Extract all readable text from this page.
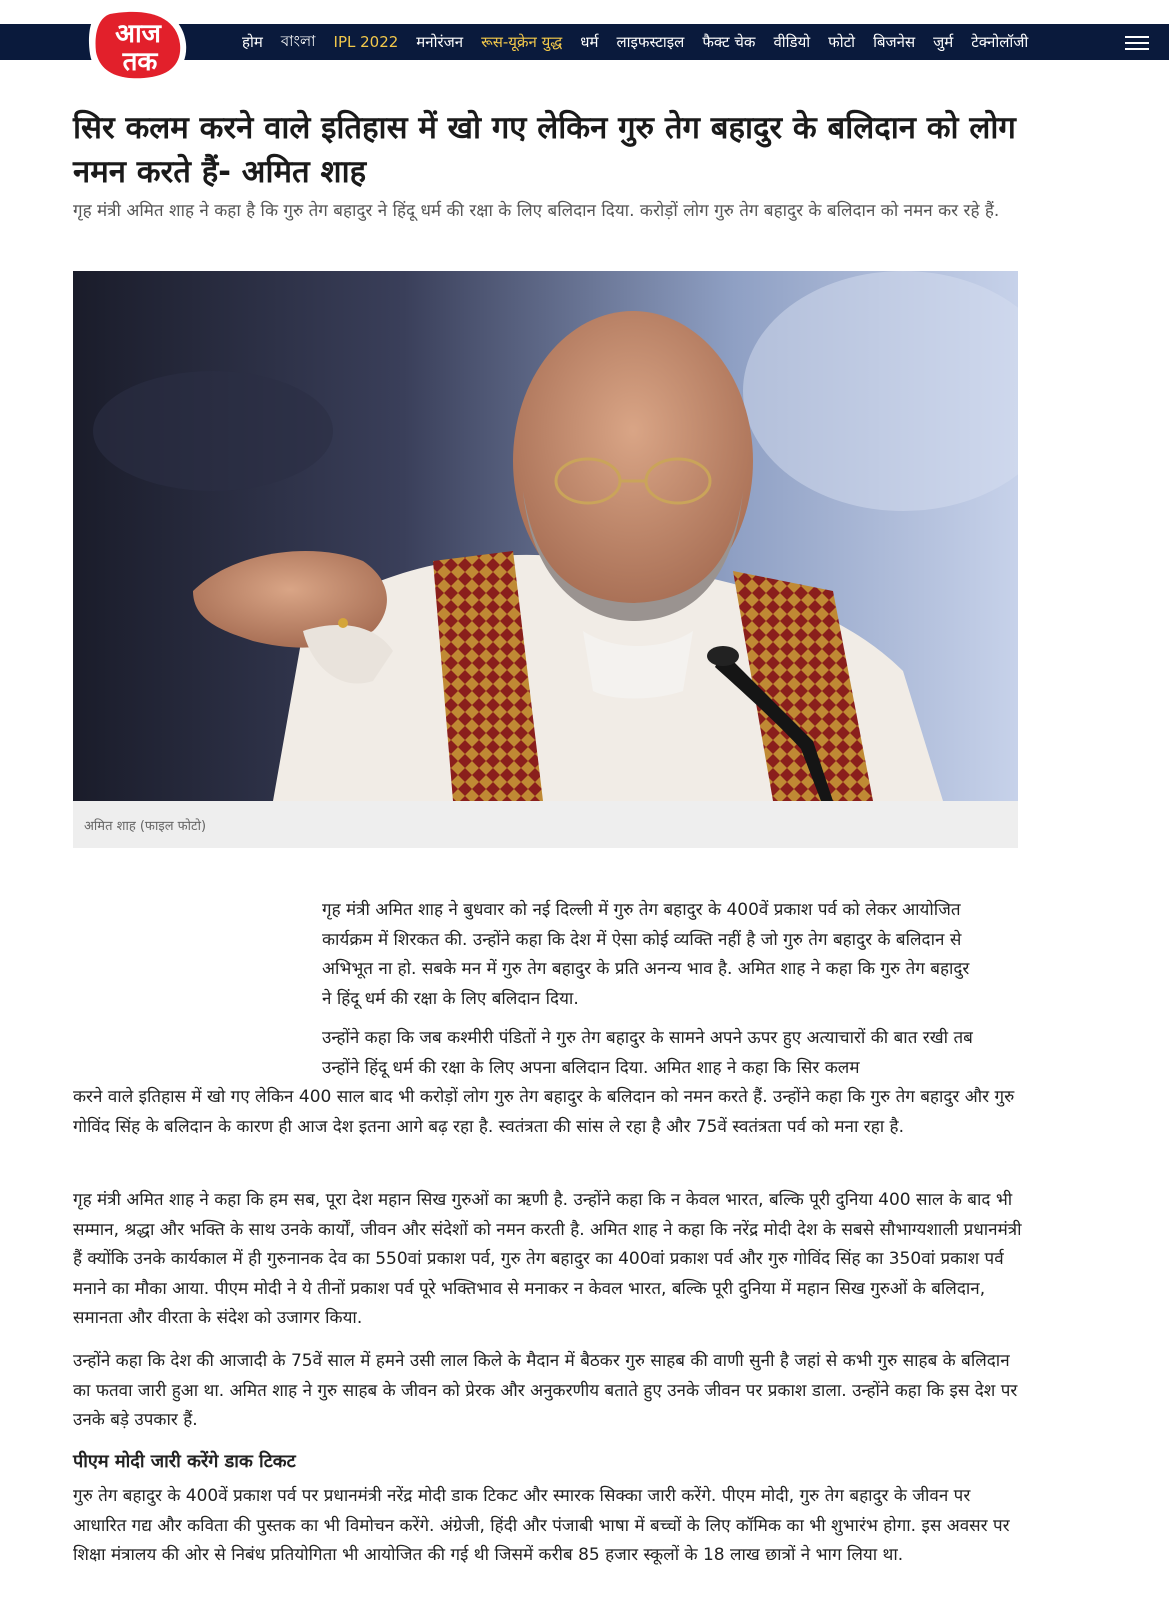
होम বাংলা IPL 2022 मनोरंजन रूस-यूक्रेन युद्ध धर्म लाइफस्टाइल फैक्ट चेक वीडियो फोटो बिजनेस जुर्म टेक्नोलॉजी
आज
तक
सिर कलम करने वाले इतिहास में खो गए लेकिन गुरु तेग बहादुर के बलिदान को लोग नमन करते हैं- अमित शाह

गृह मंत्री अमित शाह ने कहा है कि गुरु तेग बहादुर ने हिंदू धर्म की रक्षा के लिए बलिदान दिया. करोड़ों लोग गुरु तेग बहादुर के बलिदान को नमन कर रहे हैं.

अमित शाह (फाइल फोटो)

गृह मंत्री अमित शाह ने बुधवार को नई दिल्ली में गुरु तेग बहादुर के 400वें प्रकाश पर्व को लेकर आयोजित कार्यक्रम में शिरकत की. उन्होंने कहा कि देश में ऐसा कोई व्यक्ति नहीं है जो गुरु तेग बहादुर के बलिदान से अभिभूत ना हो. सबके मन में गुरु तेग बहादुर के प्रति अनन्य भाव है. अमित शाह ने कहा कि गुरु तेग बहादुर ने हिंदू धर्म की रक्षा के लिए बलिदान दिया.

उन्होंने कहा कि जब कश्मीरी पंडितों ने गुरु तेग बहादुर के सामने अपने ऊपर हुए अत्याचारों की बात रखी तब उन्होंने हिंदू धर्म की रक्षा के लिए अपना बलिदान दिया. अमित शाह ने कहा कि सिर कलम

करने वाले इतिहास में खो गए लेकिन 400 साल बाद भी करोड़ों लोग गुरु तेग बहादुर के बलिदान को नमन करते हैं. उन्होंने कहा कि गुरु तेग बहादुर और गुरु गोविंद सिंह के बलिदान के कारण ही आज देश इतना आगे बढ़ रहा है. स्वतंत्रता की सांस ले रहा है और 75वें स्वतंत्रता पर्व को मना रहा है.

गृह मंत्री अमित शाह ने कहा कि हम सब, पूरा देश महान सिख गुरुओं का ऋणी है. उन्होंने कहा कि न केवल भारत, बल्कि पूरी दुनिया 400 साल के बाद भी सम्मान, श्रद्धा और भक्ति के साथ उनके कार्यों, जीवन और संदेशों को नमन करती है. अमित शाह ने कहा कि नरेंद्र मोदी देश के सबसे सौभाग्यशाली प्रधानमंत्री हैं क्योंकि उनके कार्यकाल में ही गुरुनानक देव का 550वां प्रकाश पर्व, गुरु तेग बहादुर का 400वां प्रकाश पर्व और गुरु गोविंद सिंह का 350वां प्रकाश पर्व मनाने का मौका आया. पीएम मोदी ने ये तीनों प्रकाश पर्व पूरे भक्तिभाव से मनाकर न केवल भारत, बल्कि पूरी दुनिया में महान सिख गुरुओं के बलिदान, समानता और वीरता के संदेश को उजागर किया.

उन्होंने कहा कि देश की आजादी के 75वें साल में हमने उसी लाल किले के मैदान में बैठकर गुरु साहब की वाणी सुनी है जहां से कभी गुरु साहब के बलिदान का फतवा जारी हुआ था. अमित शाह ने गुरु साहब के जीवन को प्रेरक और अनुकरणीय बताते हुए उनके जीवन पर प्रकाश डाला. उन्होंने कहा कि इस देश पर उनके बड़े उपकार हैं.

पीएम मोदी जारी करेंगे डाक टिकट

गुरु तेग बहादुर के 400वें प्रकाश पर्व पर प्रधानमंत्री नरेंद्र मोदी डाक टिकट और स्मारक सिक्का जारी करेंगे. पीएम मोदी, गुरु तेग बहादुर के जीवन पर आधारित गद्य और कविता की पुस्तक का भी विमोचन करेंगे. अंग्रेजी, हिंदी और पंजाबी भाषा में बच्चों के लिए कॉमिक का भी शुभारंभ होगा. इस अवसर पर शिक्षा मंत्रालय की ओर से निबंध प्रतियोगिता भी आयोजित की गई थी जिसमें करीब 85 हजार स्कूलों के 18 लाख छात्रों ने भाग लिया था.
